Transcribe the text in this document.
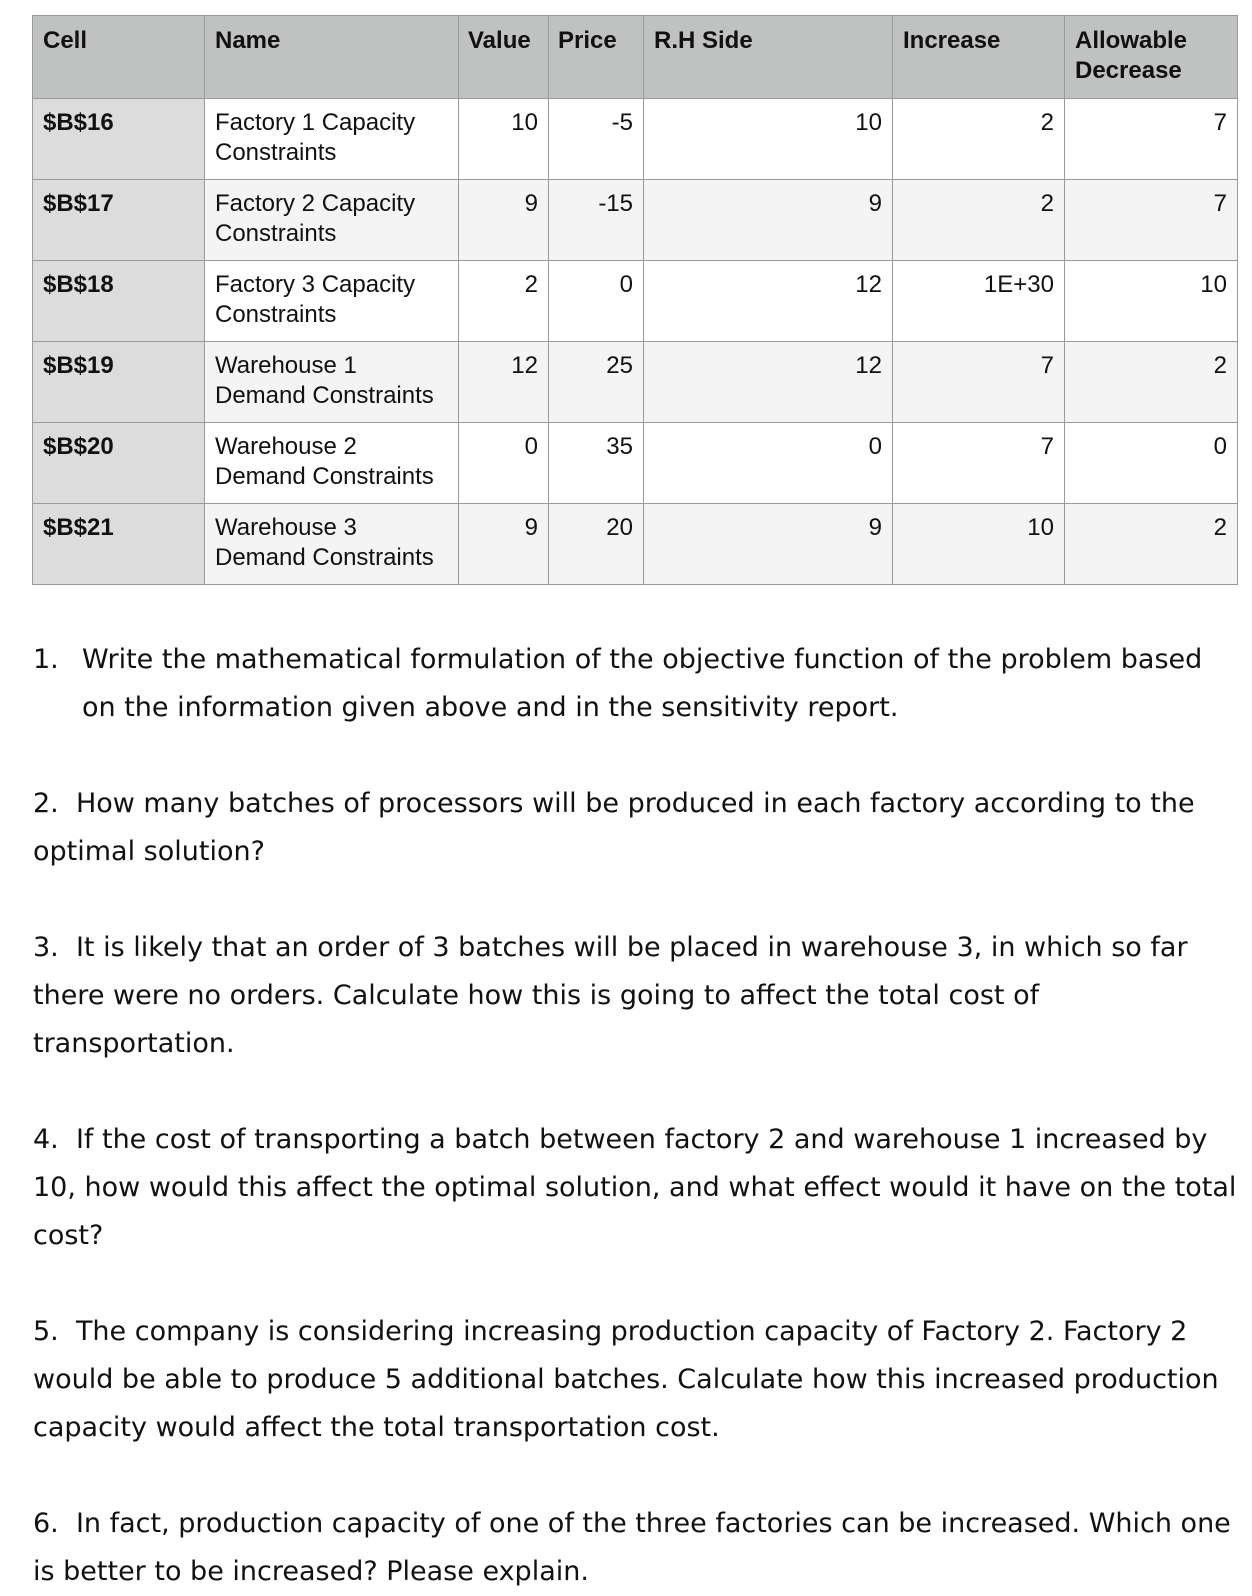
Cell	Name	Value	Price	R.H Side	Increase	Allowable Decrease
$B$16	Factory 1 Capacity Constraints	10	-5	10	2	7
$B$17	Factory 2 Capacity Constraints	9	-15	9	2	7
$B$18	Factory 3 Capacity Constraints	2	0	12	1E+30	10
$B$19	Warehouse 1 Demand Constraints	12	25	12	7	2
$B$20	Warehouse 2 Demand Constraints	0	35	0	7	0
$B$21	Warehouse 3 Demand Constraints	9	20	9	10	2

1. Write the mathematical formulation of the objective function of the problem based on the information given above and in the sensitivity report.

2. How many batches of processors will be produced in each factory according to the optimal solution?

3. It is likely that an order of 3 batches will be placed in warehouse 3, in which so far there were no orders. Calculate how this is going to affect the total cost of transportation.

4. If the cost of transporting a batch between factory 2 and warehouse 1 increased by 10, how would this affect the optimal solution, and what effect would it have on the total cost?

5. The company is considering increasing production capacity of Factory 2. Factory 2 would be able to produce 5 additional batches. Calculate how this increased production capacity would affect the total transportation cost.

6. In fact, production capacity of one of the three factories can be increased. Which one is better to be increased? Please explain.
